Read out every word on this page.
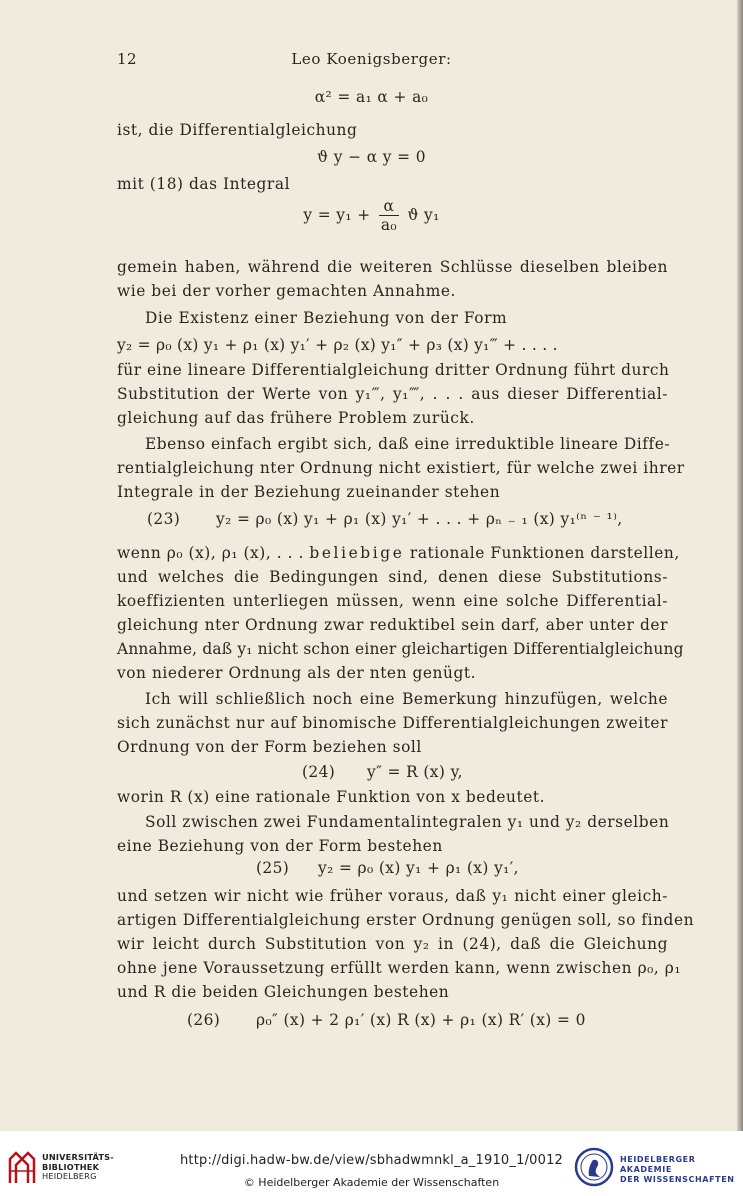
12	Leo Koenigsberger:
α² = a₁ α + a₀
ist, die Differentialgleichung
ϑ y − α y = 0
mit (18) das Integral
$y = y_1 + \frac{\alpha}{\text{a₀}}$ ϑ y₁
gemein haben, während die weiteren Schlüsse dieselben bleiben
wie bei der vorher gemachten Annahme.
Die Existenz einer Beziehung von der Form
y₂ = ρ₀ (x) y₁ + ρ₁ (x) y₁′ + ρ₂ (x) y₁″ + ρ₃ (x) y₁‴ + . . . .
für eine lineare Differentialgleichung dritter Ordnung führt durch
Substitution der Werte von y₁‴, y₁⁗, . . . aus dieser Differential-
gleichung auf das frühere Problem zurück.
Ebenso einfach ergibt sich, daß eine irreduktible lineare Diffe-
rentialgleichung nter Ordnung nicht existiert, für welche zwei ihrer
Integrale in der Beziehung zueinander stehen
(23) y₂ = ρ₀ (x) y₁ + ρ₁ (x) y₁′ + . . . + ρₙ ₋ ₁ (x) y₁⁽ⁿ ⁻ ¹⁾,
wenn ρ₀ (x), ρ₁ (x), . . . beliebige rationale Funktionen darstellen,
und welches die Bedingungen sind, denen diese Substitutions-
koeffizienten unterliegen müssen, wenn eine solche Differential-
gleichung nter Ordnung zwar reduktibel sein darf, aber unter der
Annahme, daß y₁ nicht schon einer gleichartigen Differentialgleichung
von niederer Ordnung als der nten genügt.
Ich will schließlich noch eine Bemerkung hinzufügen, welche
sich zunächst nur auf binomische Differentialgleichungen zweiter
Ordnung von der Form beziehen soll
(24) y″ = R (x) y,
worin R (x) eine rationale Funktion von x bedeutet.
Soll zwischen zwei Fundamentalintegralen y₁ und y₂ derselben
eine Beziehung von der Form bestehen
(25) y₂ = ρ₀ (x) y₁ + ρ₁ (x) y₁′,
und setzen wir nicht wie früher voraus, daß y₁ nicht einer gleich-
artigen Differentialgleichung erster Ordnung genügen soll, so finden
wir leicht durch Substitution von y₂ in (24), daß die Gleichung
ohne jene Voraussetzung erfüllt werden kann, wenn zwischen ρ₀, ρ₁
und R die beiden Gleichungen bestehen
(26) ρ₀″ (x) + 2 ρ₁′ (x) R (x) + ρ₁ (x) R′ (x) = 0
UNIVERSITÄTS-
BIBLIOTHEK
HEIDELBERG
http://digi.hadw-bw.de/view/sbhadwmnkl_a_1910_1/0012
© Heidelberger Akademie der Wissenschaften
HEIDELBERGER AKADEMIE
DER WISSENSCHAFTEN
